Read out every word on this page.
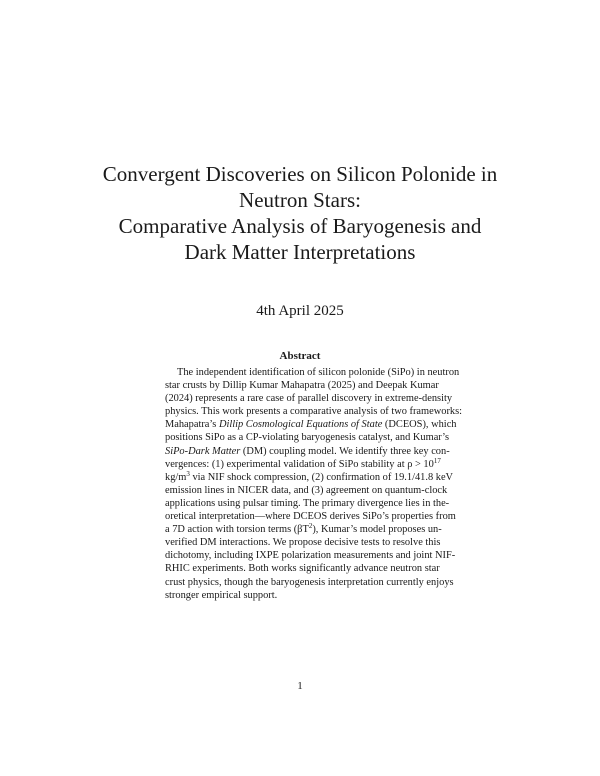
Convergent Discoveries on Silicon Polonide in
Neutron Stars:
Comparative Analysis of Baryogenesis and
Dark Matter Interpretations
4th April 2025
Abstract
The independent identification of silicon polonide (SiPo) in neutron
star crusts by Dillip Kumar Mahapatra (2025) and Deepak Kumar
(2024) represents a rare case of parallel discovery in extreme-density
physics. This work presents a comparative analysis of two frameworks:
Mahapatra’s Dillip Cosmological Equations of State (DCEOS), which
positions SiPo as a CP-violating baryogenesis catalyst, and Kumar’s
SiPo-Dark Matter (DM) coupling model. We identify three key con-
vergences: (1) experimental validation of SiPo stability at $\rho > 10^{17}$
$kg/m^3$ via NIF shock compression, (2) confirmation of 19.1/41.8 keV
emission lines in NICER data, and (3) agreement on quantum-clock
applications using pulsar timing. The primary divergence lies in the-
oretical interpretation—where DCEOS derives SiPo’s properties from
a 7D action with torsion terms $(\beta T^2)$, Kumar’s model proposes un-
verified DM interactions. We propose decisive tests to resolve this
dichotomy, including IXPE polarization measurements and joint NIF-
RHIC experiments. Both works significantly advance neutron star
crust physics, though the baryogenesis interpretation currently enjoys
stronger empirical support.
1
